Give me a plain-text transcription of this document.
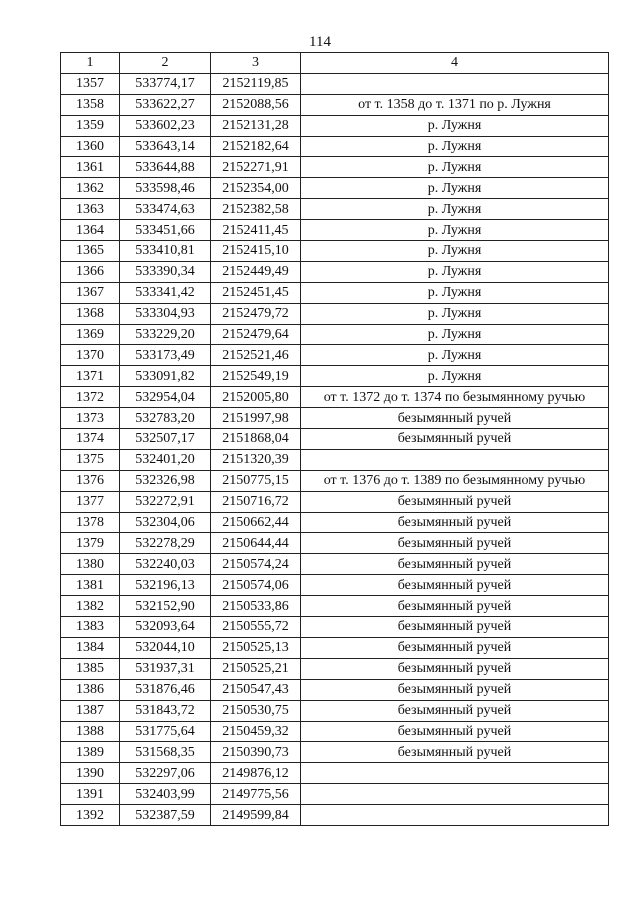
114
1	2	3	4
1357	533774,17	2152119,85	
1358	533622,27	2152088,56	от т. 1358 до т. 1371 по р. Лужня
1359	533602,23	2152131,28	р. Лужня
1360	533643,14	2152182,64	р. Лужня
1361	533644,88	2152271,91	р. Лужня
1362	533598,46	2152354,00	р. Лужня
1363	533474,63	2152382,58	р. Лужня
1364	533451,66	2152411,45	р. Лужня
1365	533410,81	2152415,10	р. Лужня
1366	533390,34	2152449,49	р. Лужня
1367	533341,42	2152451,45	р. Лужня
1368	533304,93	2152479,72	р. Лужня
1369	533229,20	2152479,64	р. Лужня
1370	533173,49	2152521,46	р. Лужня
1371	533091,82	2152549,19	р. Лужня
1372	532954,04	2152005,80	от т. 1372 до т. 1374 по безымянному ручью
1373	532783,20	2151997,98	безымянный ручей
1374	532507,17	2151868,04	безымянный ручей
1375	532401,20	2151320,39	
1376	532326,98	2150775,15	от т. 1376 до т. 1389 по безымянному ручью
1377	532272,91	2150716,72	безымянный ручей
1378	532304,06	2150662,44	безымянный ручей
1379	532278,29	2150644,44	безымянный ручей
1380	532240,03	2150574,24	безымянный ручей
1381	532196,13	2150574,06	безымянный ручей
1382	532152,90	2150533,86	безымянный ручей
1383	532093,64	2150555,72	безымянный ручей
1384	532044,10	2150525,13	безымянный ручей
1385	531937,31	2150525,21	безымянный ручей
1386	531876,46	2150547,43	безымянный ручей
1387	531843,72	2150530,75	безымянный ручей
1388	531775,64	2150459,32	безымянный ручей
1389	531568,35	2150390,73	безымянный ручей
1390	532297,06	2149876,12	
1391	532403,99	2149775,56	
1392	532387,59	2149599,84	
